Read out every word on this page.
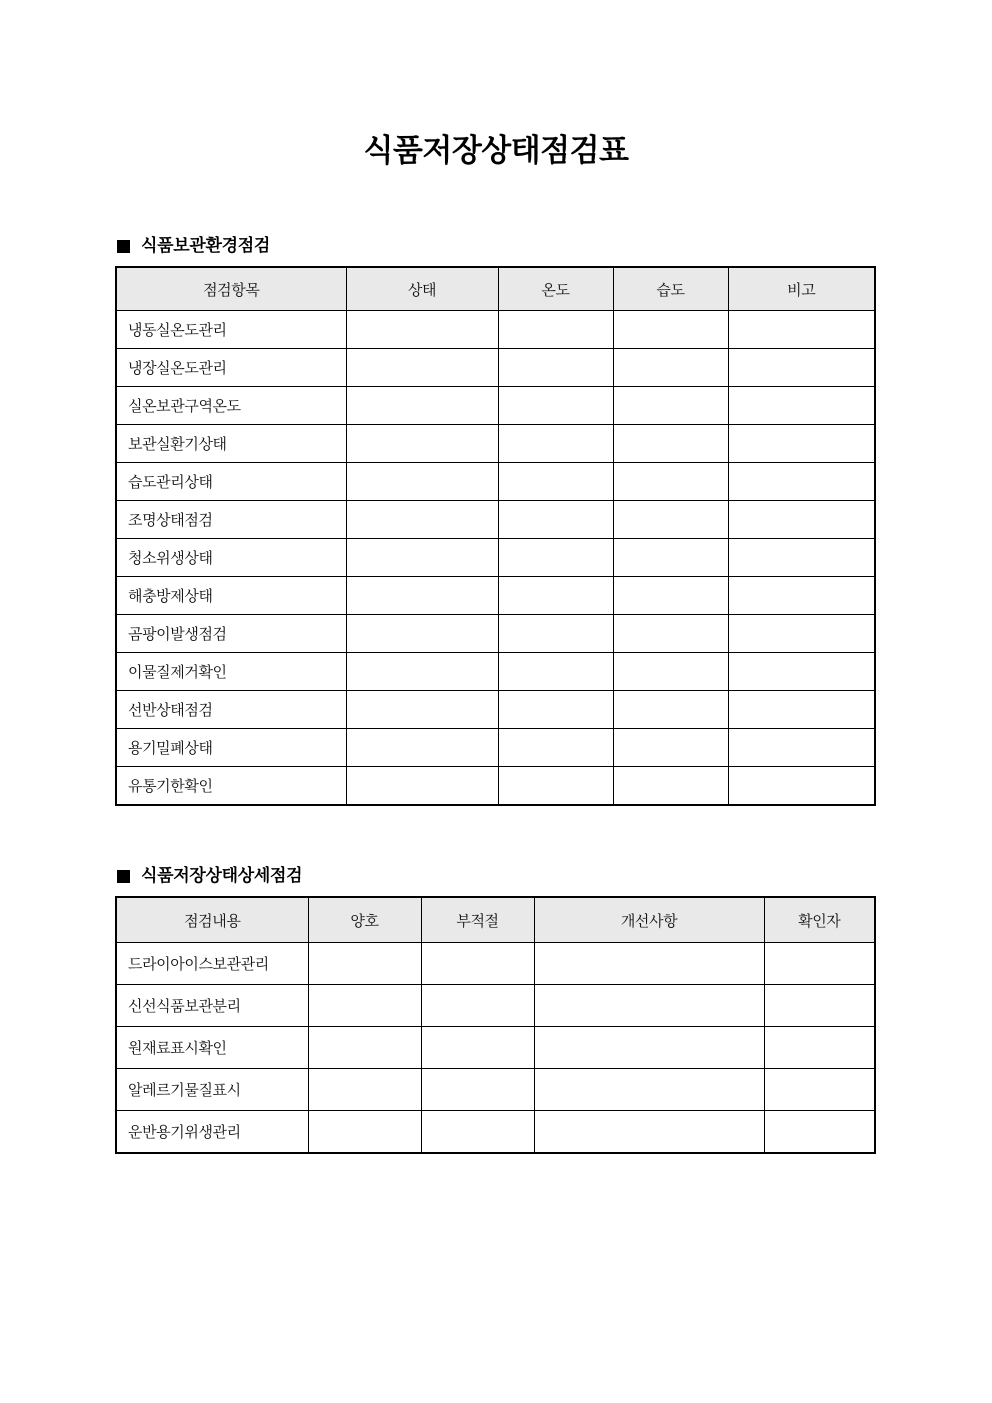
식품저장상태점검표
식품보관환경점검
점검항목	상태	온도	습도	비고
냉동실온도관리				
냉장실온도관리				
실온보관구역온도				
보관실환기상태				
습도관리상태				
조명상태점검				
청소위생상태				
해충방제상태				
곰팡이발생점검				
이물질제거확인				
선반상태점검				
용기밀폐상태				
유통기한확인				
식품저장상태상세점검
점검내용	양호	부적절	개선사항	확인자
드라이아이스보관관리				
신선식품보관분리				
원재료표시확인				
알레르기물질표시				
운반용기위생관리				
